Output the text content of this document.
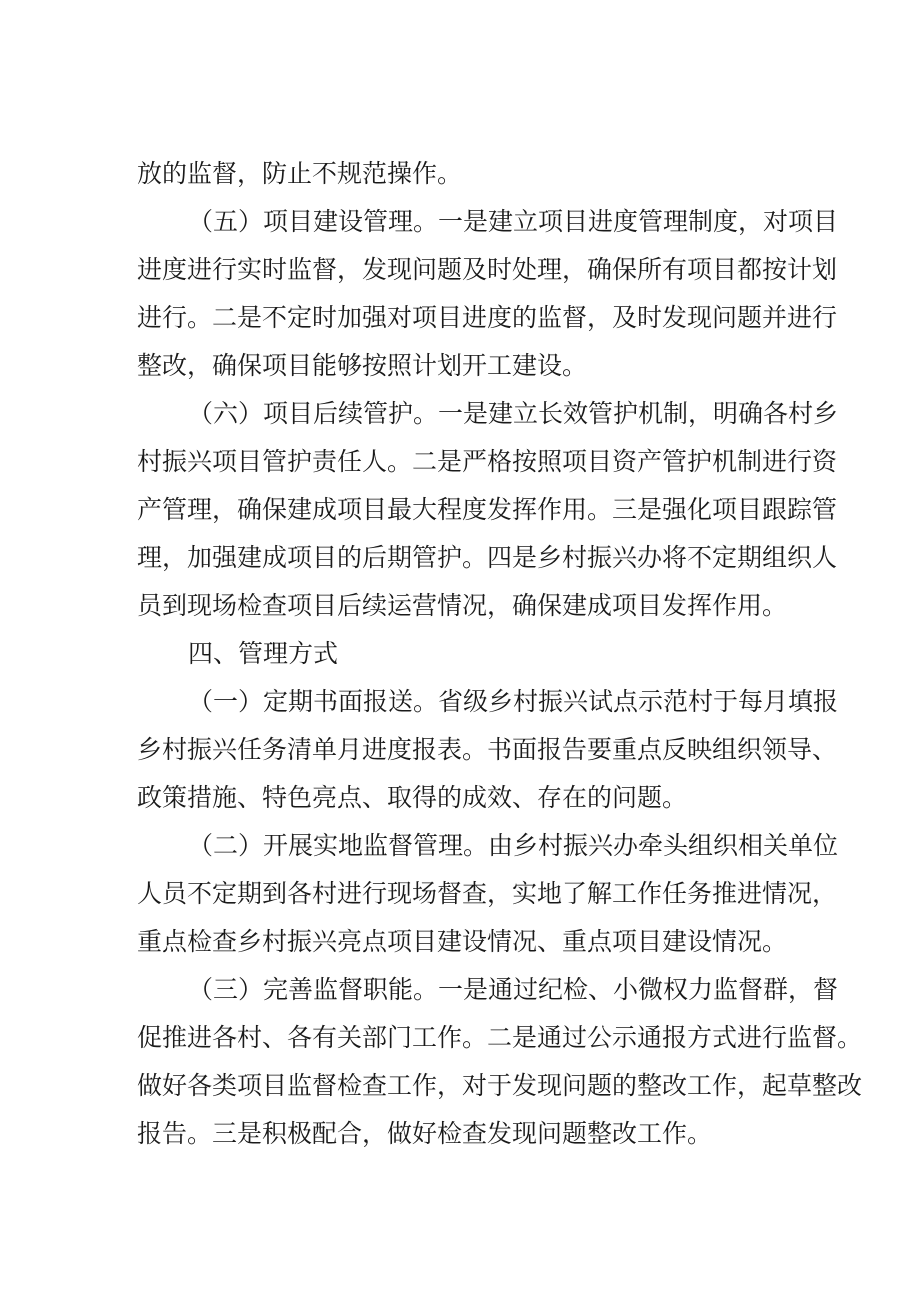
放的监督，防止不规范操作。
（五）项目建设管理。一是建立项目进度管理制度，对项目
进度进行实时监督，发现问题及时处理，确保所有项目都按计划
进行。二是不定时加强对项目进度的监督，及时发现问题并进行
整改，确保项目能够按照计划开工建设。
（六）项目后续管护。一是建立长效管护机制，明确各村乡
村振兴项目管护责任人。二是严格按照项目资产管护机制进行资
产管理，确保建成项目最大程度发挥作用。三是强化项目跟踪管
理，加强建成项目的后期管护。四是乡村振兴办将不定期组织人
员到现场检查项目后续运营情况，确保建成项目发挥作用。
四、管理方式
（一）定期书面报送。省级乡村振兴试点示范村于每月填报
乡村振兴任务清单月进度报表。书面报告要重点反映组织领导、
政策措施、特色亮点、取得的成效、存在的问题。
（二）开展实地监督管理。由乡村振兴办牵头组织相关单位
人员不定期到各村进行现场督查，实地了解工作任务推进情况，
重点检查乡村振兴亮点项目建设情况、重点项目建设情况。
（三）完善监督职能。一是通过纪检、小微权力监督群，督
促推进各村、各有关部门工作。二是通过公示通报方式进行监督。
做好各类项目监督检查工作，对于发现问题的整改工作，起草整改
报告。三是积极配合，做好检查发现问题整改工作。
